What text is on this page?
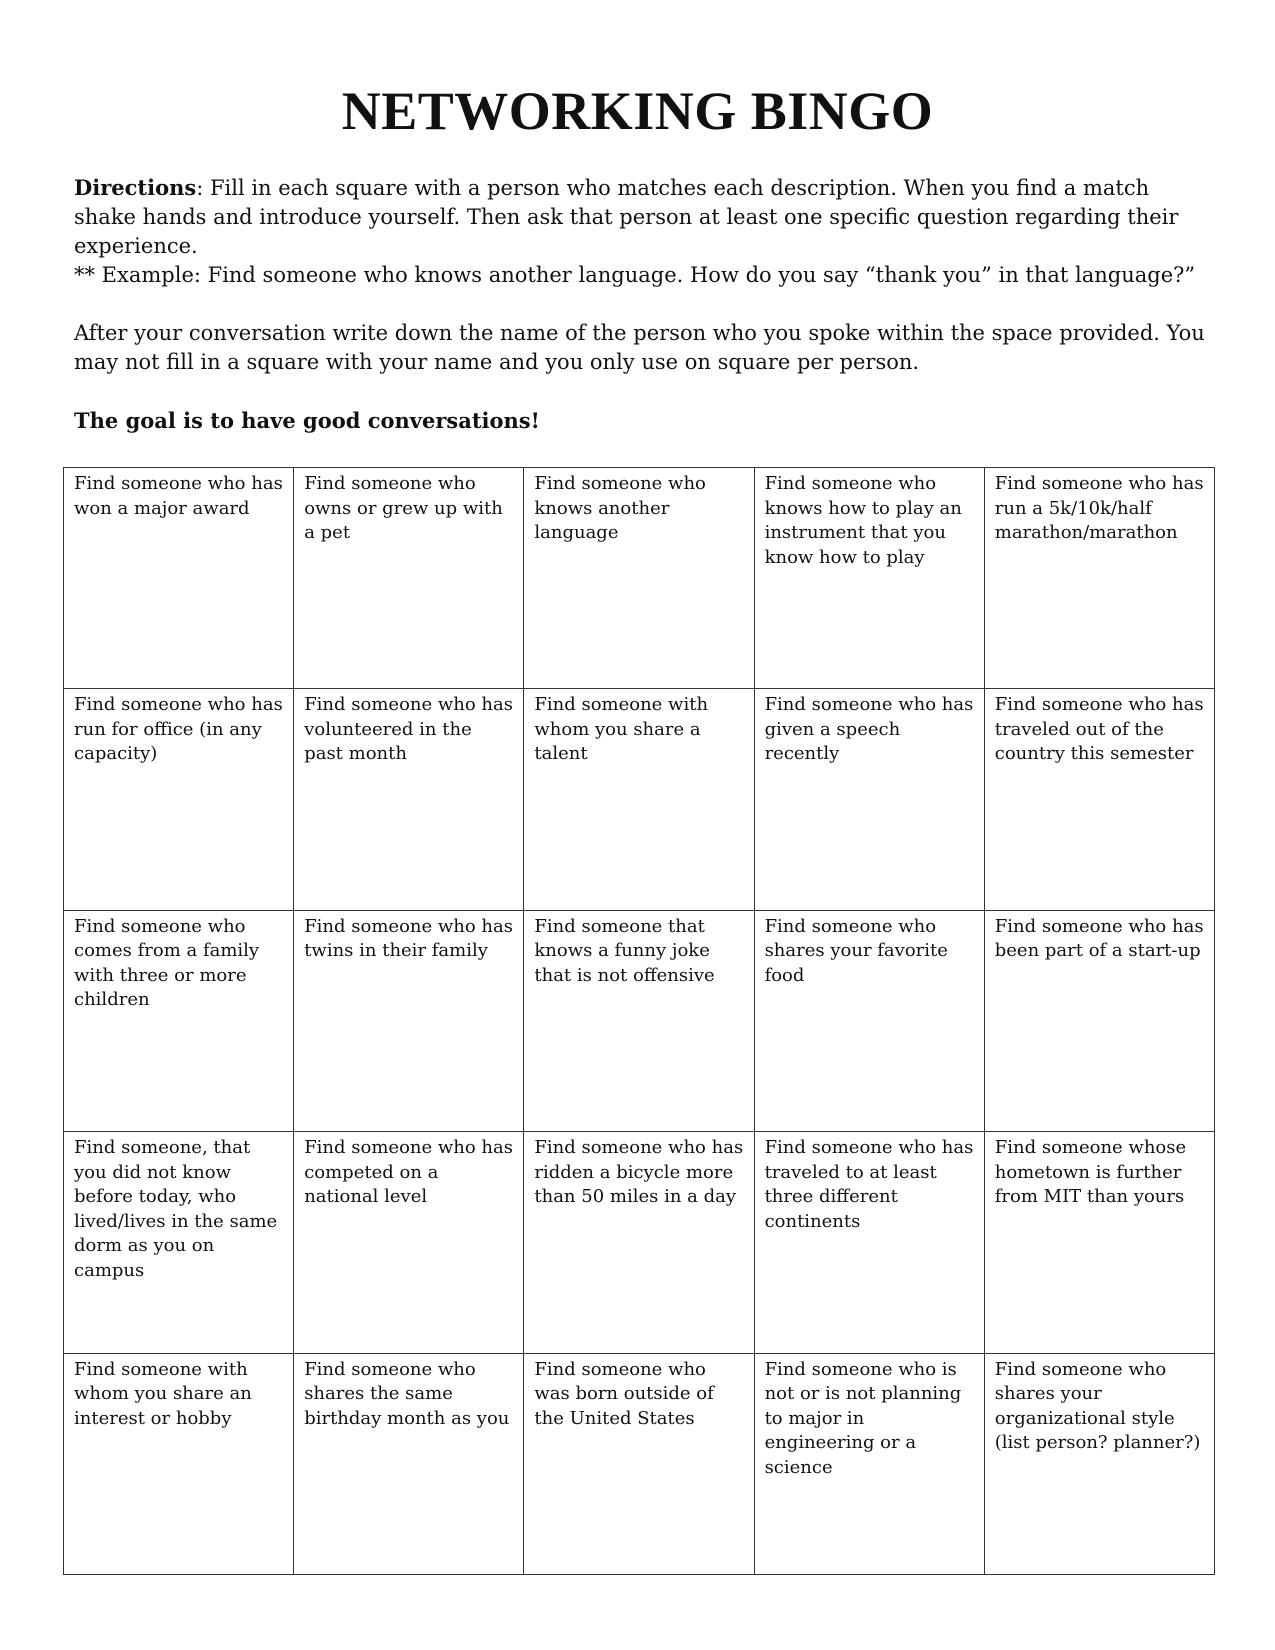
NETWORKING BINGO

Directions: Fill in each square with a person who matches each description. When you find a match shake hands and introduce yourself. Then ask that person at least one specific question regarding their experience.

** Example: Find someone who knows another language. How do you say “thank you” in that language?”

After your conversation write down the name of the person who you spoke within the space provided. You may not fill in a square with your name and you only use on square per person.

The goal is to have good conversations!

Find someone who has won a major award	Find someone who owns or grew up with a pet	Find someone who knows another language	Find someone who knows how to play an instrument that you know how to play	Find someone who has run a 5k/10k/half marathon/marathon
Find someone who has run for office (in any capacity)	Find someone who has volunteered in the past month	Find someone with whom you share a talent	Find someone who has given a speech recently	Find someone who has traveled out of the country this semester
Find someone who comes from a family with three or more children	Find someone who has twins in their family	Find someone that knows a funny joke that is not offensive	Find someone who shares your favorite food	Find someone who has been part of a start-up
Find someone, that you did not know before today, who lived/lives in the same dorm as you on campus	Find someone who has competed on a national level	Find someone who has ridden a bicycle more than 50 miles in a day	Find someone who has traveled to at least three different continents	Find someone whose hometown is further from MIT than yours
Find someone with whom you share an interest or hobby	Find someone who shares the same birthday month as you	Find someone who was born outside of the United States	Find someone who is not or is not planning to major in engineering or a science	Find someone who shares your organizational style (list person? planner?)
